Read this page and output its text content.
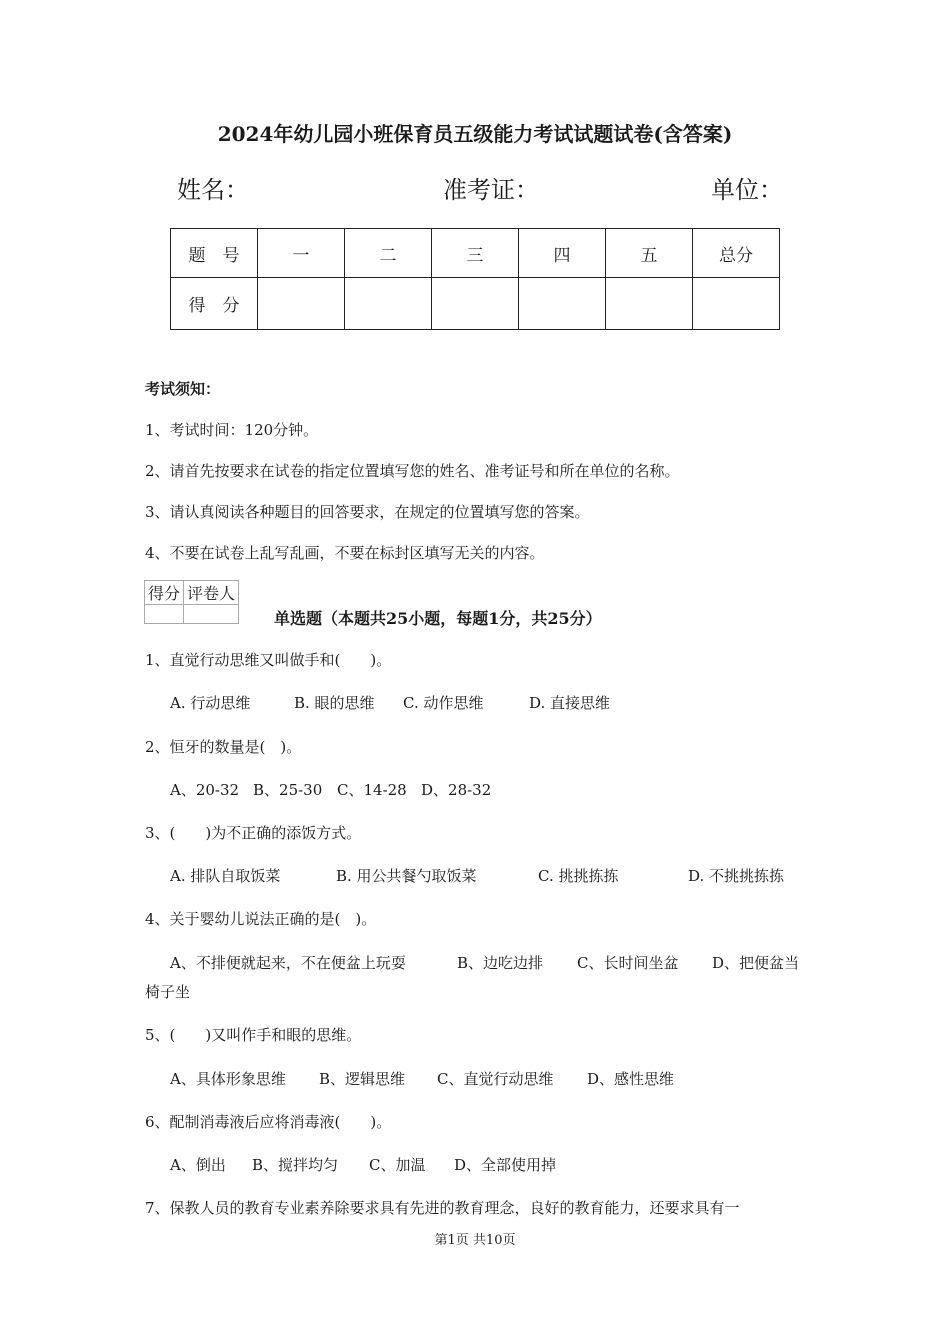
2024年幼儿园小班保育员五级能力考试试题试卷(含答案)
姓名：	准考证：	单位：
题　号	一	二	三	四	五	总分
得　分						
考试须知：
1、考试时间：120分钟。
2、请首先按要求在试卷的指定位置填写您的姓名、准考证号和所在单位的名称。
3、请认真阅读各种题目的回答要求，在规定的位置填写您的答案。
4、不要在试卷上乱写乱画，不要在标封区填写无关的内容。
得分	评卷人

单选题（本题共25小题，每题1分，共25分）
1、直觉行动思维又叫做手和(　　)。
A. 行动思维	B. 眼的思维 C. 动作思维	D. 直接思维
2、恒牙的数量是(　)。
A、20-32 B、25-30 C、14-28 D、28-32
3、(　　)为不正确的添饭方式。
A. 排队自取饭菜	B. 用公共餐勺取饭菜	C. 挑挑拣拣	D. 不挑挑拣拣
4、关于婴幼儿说法正确的是(　)。
A、不排便就起来，不在便盆上玩耍	B、边吃边排 C、长时间坐盆 D、把便盆当
椅子坐
5、(　　)又叫作手和眼的思维。
A、具体形象思维 B、逻辑思维 C、直觉行动思维 D、感性思维
6、配制消毒液后应将消毒液(　　)。
A、倒出 B、搅拌均匀 C、加温 D、全部使用掉
7、保教人员的教育专业素养除要求具有先进的教育理念，良好的教育能力，还要求具有一
第1页 共10页
